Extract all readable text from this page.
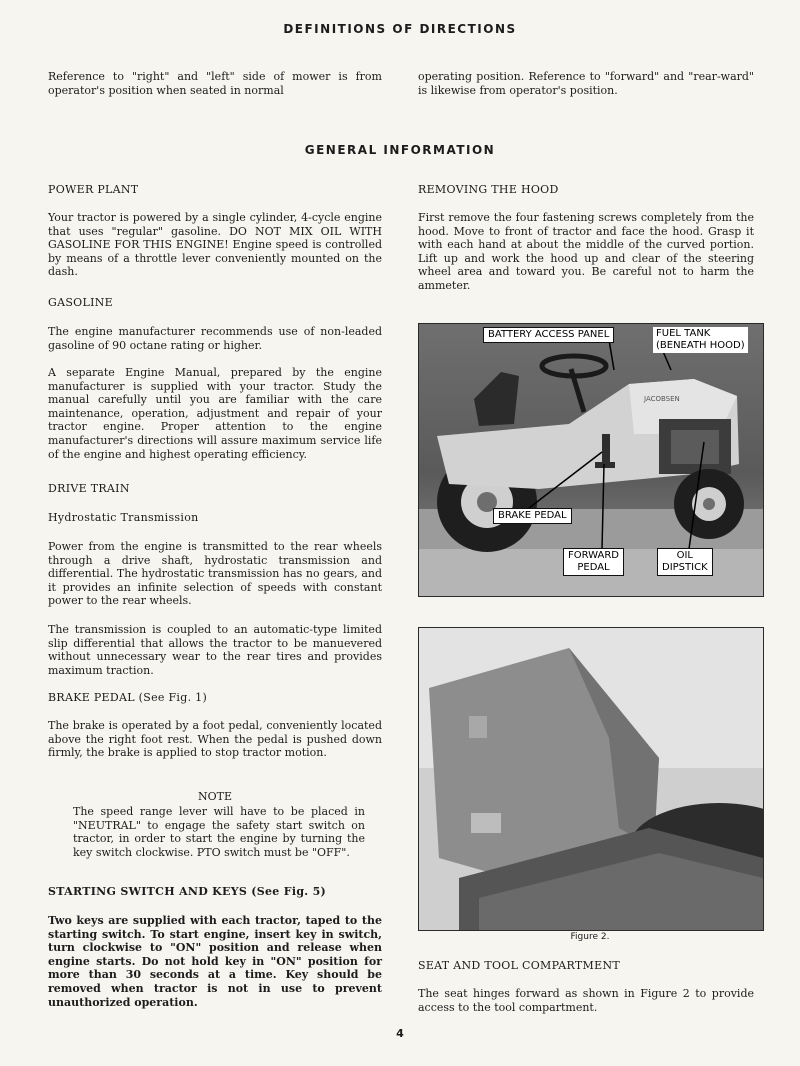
DEFINITIONS OF DIRECTIONS

Reference to "right" and "left" side of mower is from operator's position when seated in normal

operating position. Reference to "forward" and "rear-ward" is likewise from operator's position.

GENERAL INFORMATION
POWER PLANT

Your tractor is powered by a single cylinder, 4-cycle engine that uses "regular" gasoline. DO NOT MIX OIL WITH GASOLINE FOR THIS ENGINE! Engine speed is controlled by means of a throttle lever conveniently mounted on the dash.

GASOLINE

The engine manufacturer recommends use of non-leaded gasoline of 90 octane rating or higher.

A separate Engine Manual, prepared by the engine manufacturer is supplied with your tractor. Study the manual carefully until you are familiar with the care maintenance, operation, adjustment and repair of your tractor engine. Proper attention to the engine manufacturer's directions will assure maximum service life of the engine and highest operating efficiency.

DRIVE TRAIN
Hydrostatic Transmission

Power from the engine is transmitted to the rear wheels through a drive shaft, hydrostatic transmission and differential. The hydrostatic transmission has no gears, and it provides an infinite selection of speeds with constant power to the rear wheels.

The transmission is coupled to an automatic-type limited slip differential that allows the tractor to be manuevered without unnecessary wear to the rear tires and provides maximum traction.

BRAKE PEDAL (See Fig. 1)

The brake is operated by a foot pedal, conveniently located above the right foot rest. When the pedal is pushed down firmly, the brake is applied to stop tractor motion.

NOTE

The speed range lever will have to be placed in "NEUTRAL" to engage the safety start switch on tractor, in order to start the engine by turning the key switch clockwise. PTO switch must be "OFF".

STARTING SWITCH AND KEYS (See Fig. 5)

Two keys are supplied with each tractor, taped to the starting switch. To start engine, insert key in switch, turn clockwise to "ON" position and release when engine starts. Do not hold key in "ON" position for more than 30 seconds at a time. Key should be removed when tractor is not in use to prevent unauthorized operation.

REMOVING THE HOOD

First remove the four fastening screws completely from the hood. Move to front of tractor and face the hood. Grasp it with each hand at about the middle of the curved portion. Lift up and work the hood up and clear of the steering wheel area and toward you. Be careful not to harm the ammeter.

JACOBSEN
BATTERY ACCESS PANEL	FUEL TANK
(BENEATH HOOD)
BRAKE PEDAL
FORWARD
PEDAL
OIL
DIPSTICK
Figure 2.
SEAT AND TOOL COMPARTMENT

The seat hinges forward as shown in Figure 2 to provide access to the tool compartment.

4
